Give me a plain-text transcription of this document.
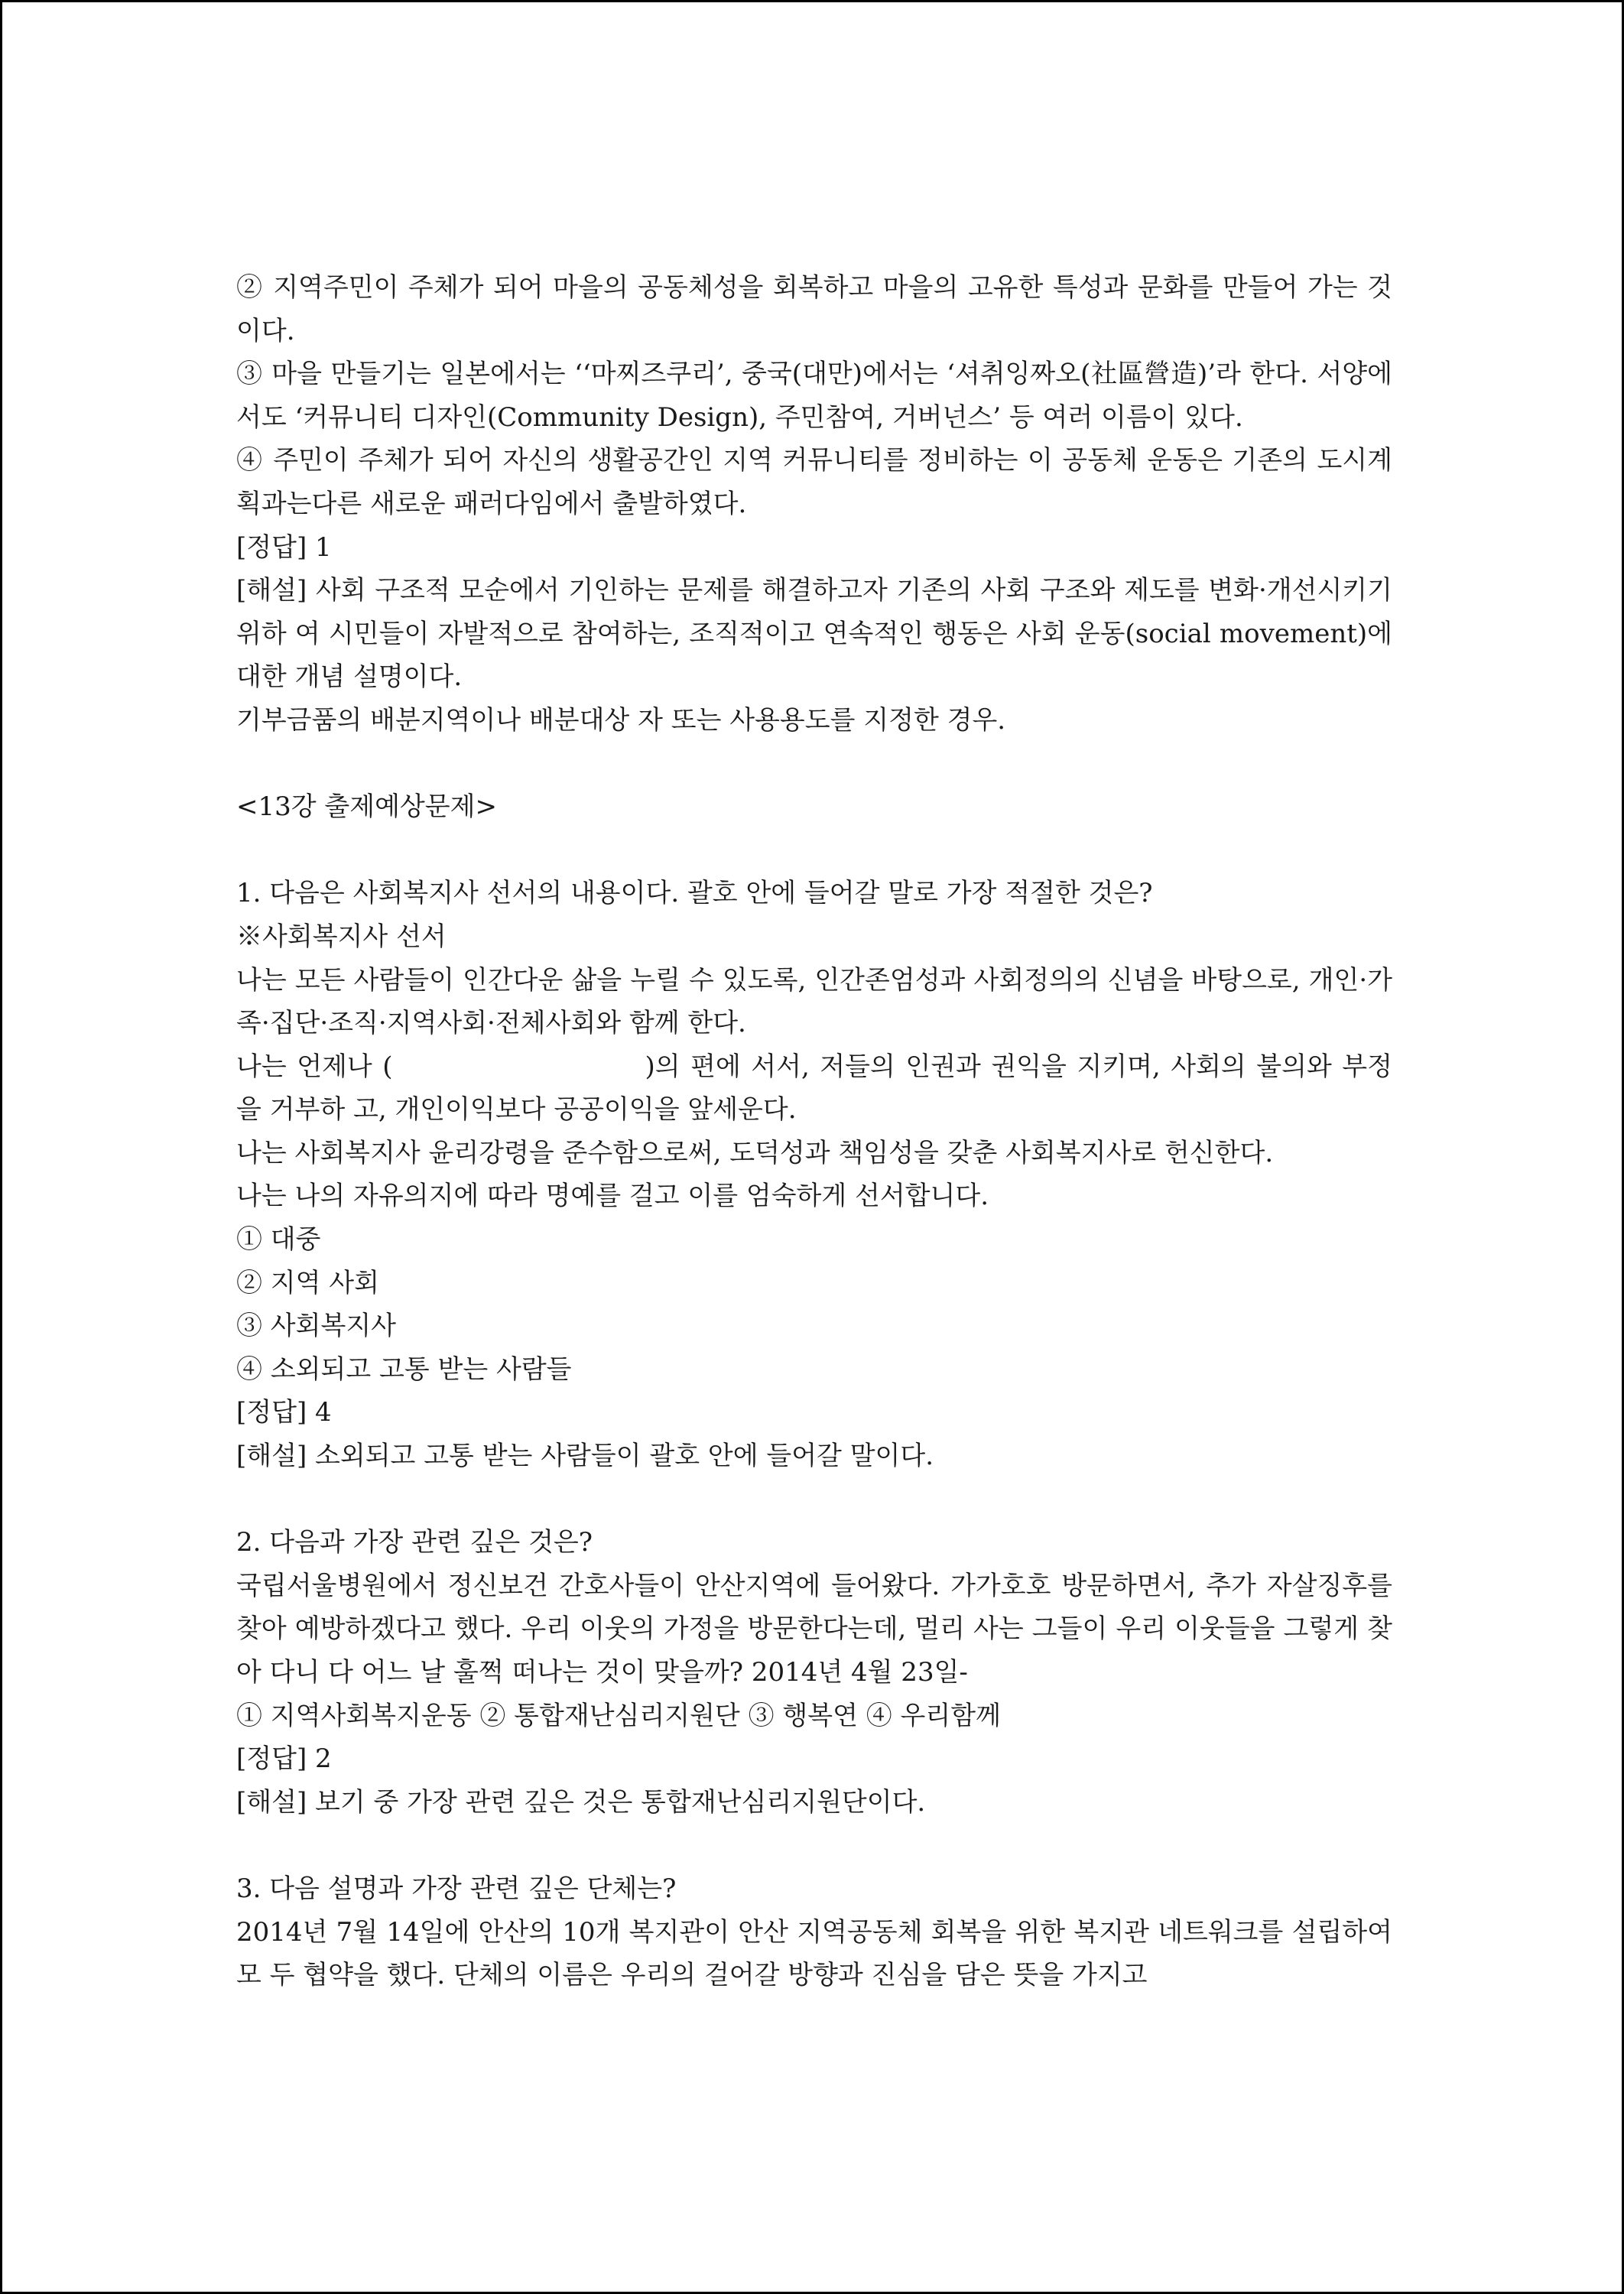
② 지역주민이 주체가 되어 마을의 공동체성을 회복하고 마을의 고유한 특성과 문화를 만들어 가는 것이다.

③ 마을 만들기는 일본에서는 ‘‘마찌즈쿠리’, 중국(대만)에서는 ‘셔취잉짜오(社區營造)’라 한다. 서양에서도 ‘커뮤니티 디자인(Community Design), 주민참여, 거버넌스’ 등 여러 이름이 있다.

④ 주민이 주체가 되어 자신의 생활공간인 지역 커뮤니티를 정비하는 이 공동체 운동은 기존의 도시계획과는다른 새로운 패러다임에서 출발하였다.

[정답] 1

[해설] 사회 구조적 모순에서 기인하는 문제를 해결하고자 기존의 사회 구조와 제도를 변화·개선시키기 위하 여 시민들이 자발적으로 참여하는, 조직적이고 연속적인 행동은 사회 운동(social movement)에 대한 개념 설명이다.

기부금품의 배분지역이나 배분대상 자 또는 사용용도를 지정한 경우.

<13강 출제예상문제>

1. 다음은 사회복지사 선서의 내용이다. 괄호 안에 들어갈 말로 가장 적절한 것은?

※사회복지사 선서

나는 모든 사람들이 인간다운 삶을 누릴 수 있도록, 인간존엄성과 사회정의의 신념을 바탕으로, 개인·가족·집단·조직·지역사회·전체사회와 함께 한다.

나는 언제나 (	)의 편에 서서, 저들의 인권과 권익을 지키며, 사회의 불의와 부정을 거부하 고, 개인이익보다 공공이익을 앞세운다.

나는 사회복지사 윤리강령을 준수함으로써, 도덕성과 책임성을 갖춘 사회복지사로 헌신한다.

나는 나의 자유의지에 따라 명예를 걸고 이를 엄숙하게 선서합니다.

① 대중

② 지역 사회

③ 사회복지사

④ 소외되고 고통 받는 사람들

[정답] 4

[해설] 소외되고 고통 받는 사람들이 괄호 안에 들어갈 말이다.

2. 다음과 가장 관련 깊은 것은?

국립서울병원에서 정신보건 간호사들이 안산지역에 들어왔다. 가가호호 방문하면서, 추가 자살징후를 찾아 예방하겠다고 했다. 우리 이웃의 가정을 방문한다는데, 멀리 사는 그들이 우리 이웃들을 그렇게 찾아 다니 다 어느 날 훌쩍 떠나는 것이 맞을까? 2014년 4월 23일-

① 지역사회복지운동 ② 통합재난심리지원단 ③ 행복연 ④ 우리함께

[정답] 2

[해설] 보기 중 가장 관련 깊은 것은 통합재난심리지원단이다.

3. 다음 설명과 가장 관련 깊은 단체는?

2014년 7월 14일에 안산의 10개 복지관이 안산 지역공동체 회복을 위한 복지관 네트워크를 설립하여 모 두 협약을 했다. 단체의 이름은 우리의 걸어갈 방향과 진심을 담은 뜻을 가지고
